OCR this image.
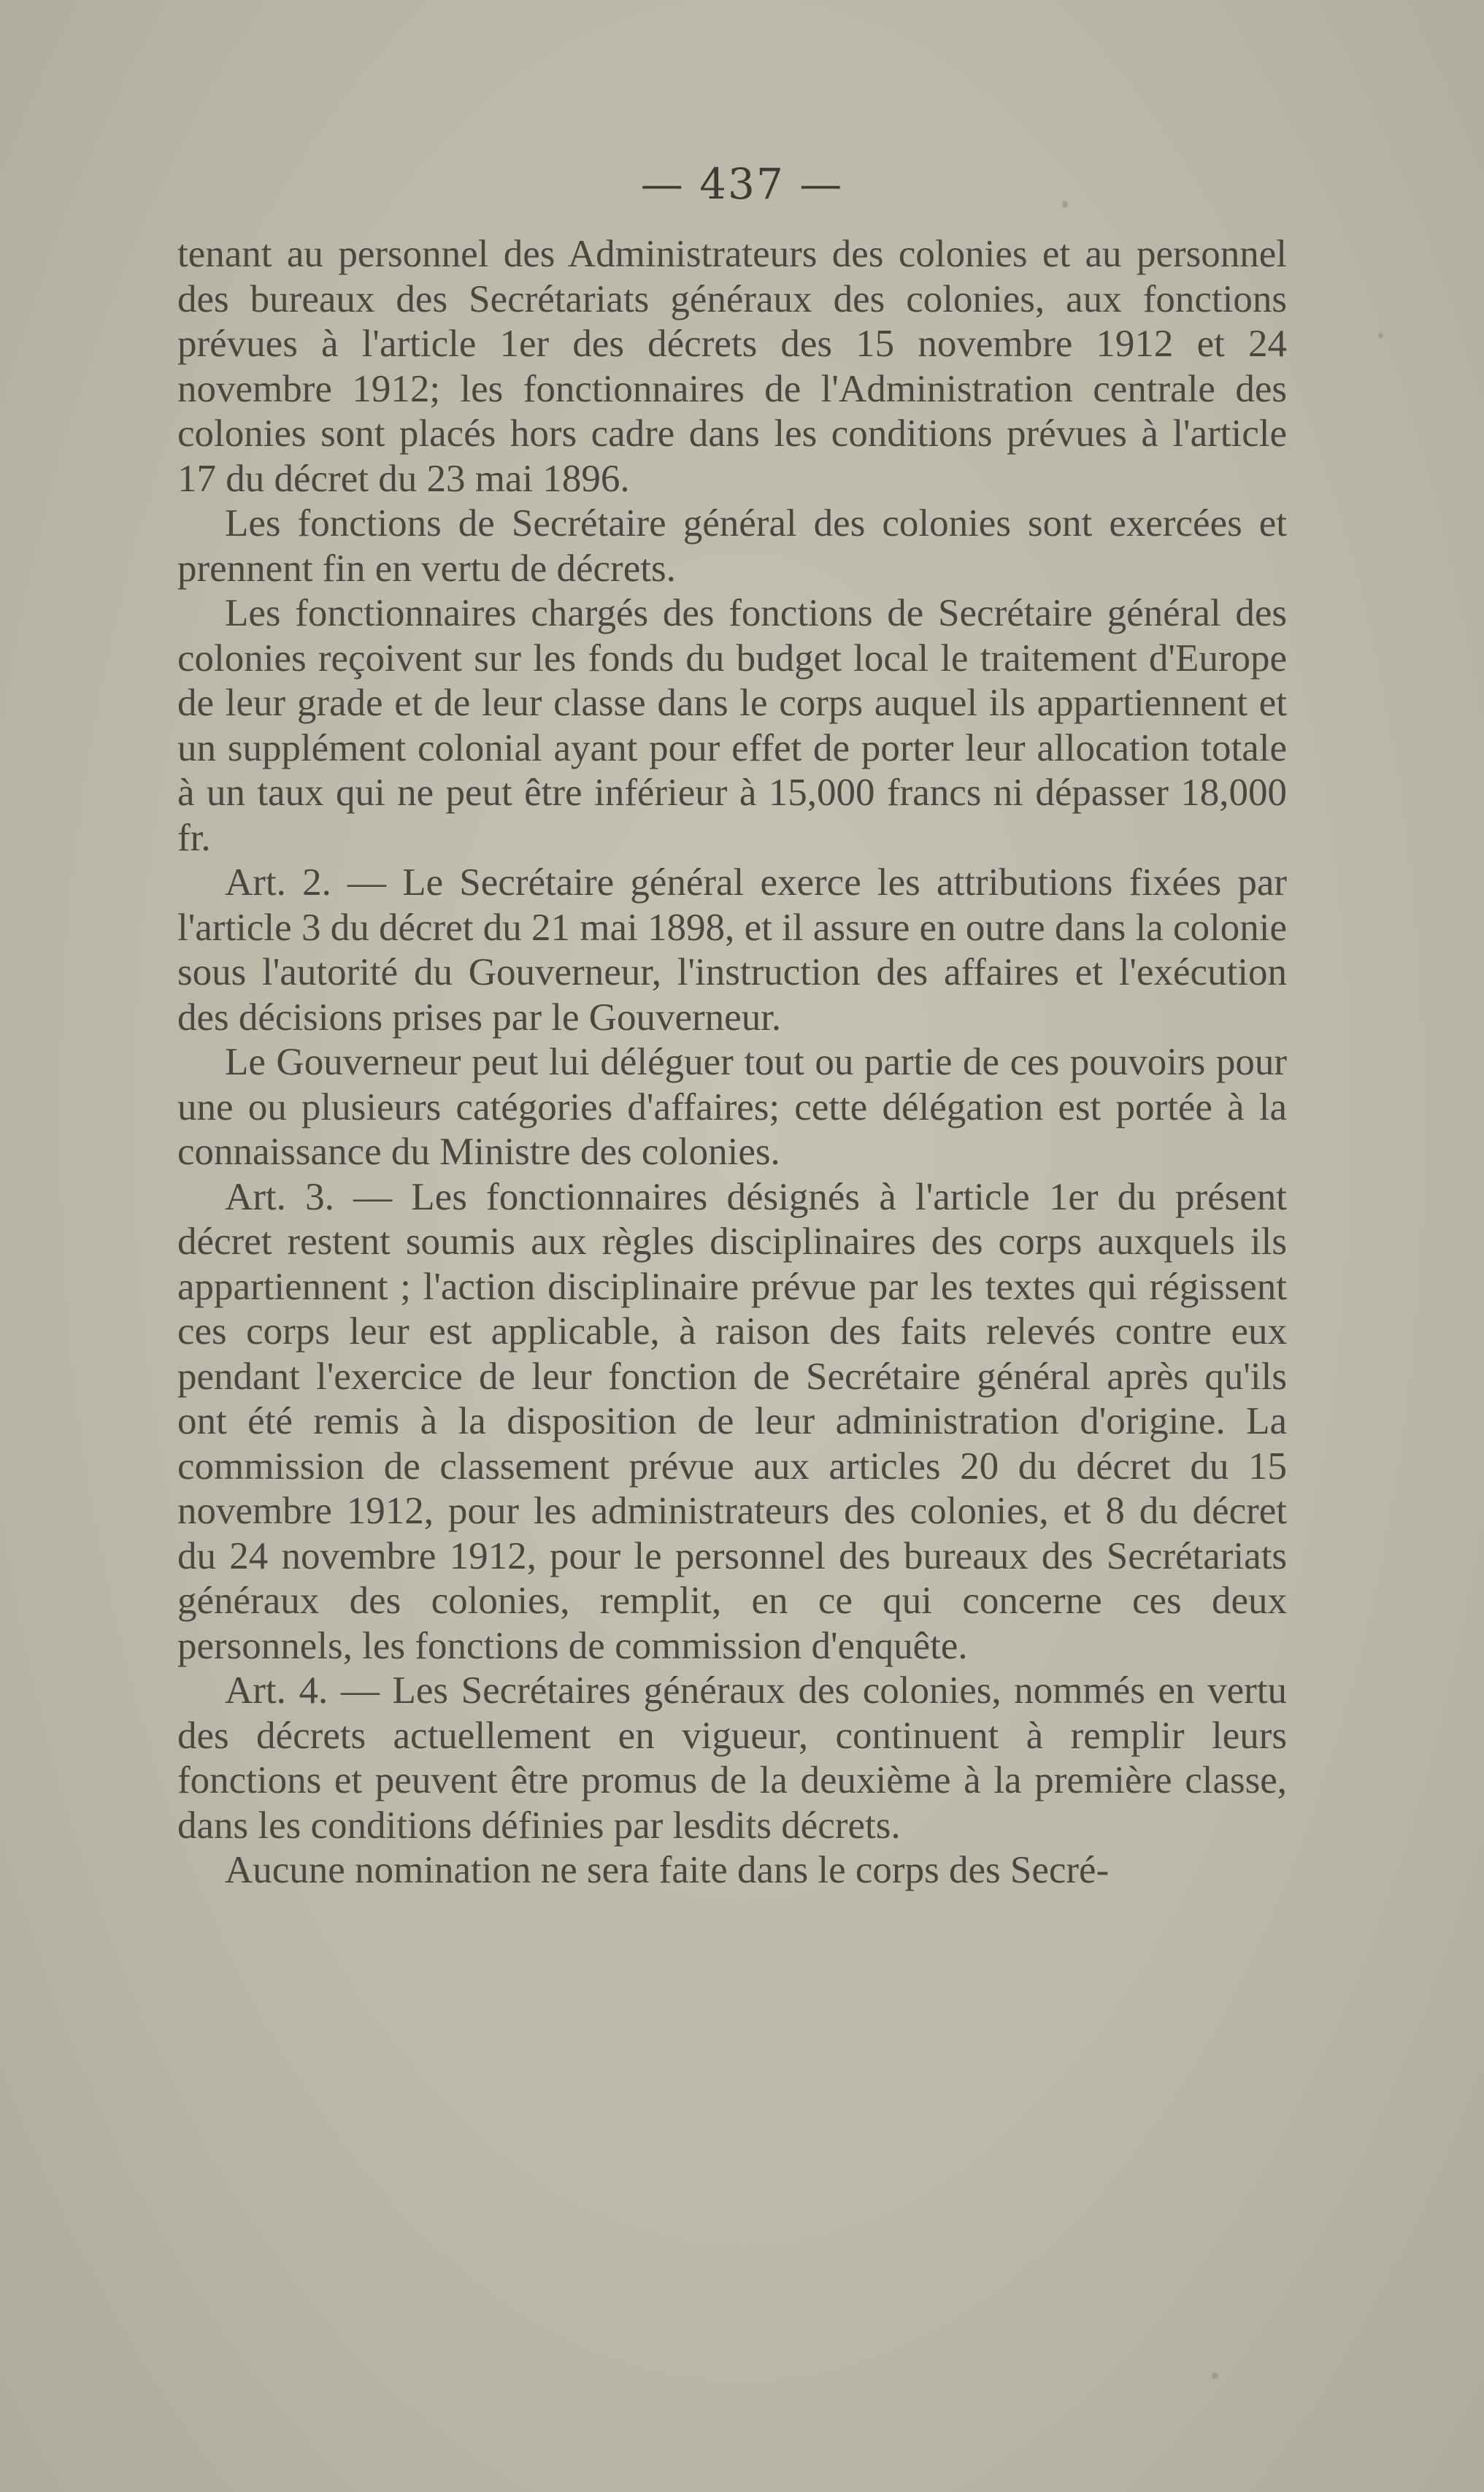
— 437 —

tenant au personnel des Administrateurs des colonies et au personnel des bureaux des Secrétariats généraux des colonies, aux fonctions prévues à l'article 1er des décrets des 15 novembre 1912 et 24 novembre 1912; les fonctionnaires de l'Administration centrale des colonies sont placés hors cadre dans les conditions prévues à l'article 17 du décret du 23 mai 1896.

Les fonctions de Secrétaire général des colonies sont exercées et prennent fin en vertu de décrets.

Les fonctionnaires chargés des fonctions de Secrétaire général des colonies reçoivent sur les fonds du budget local le traitement d'Europe de leur grade et de leur classe dans le corps auquel ils appartiennent et un supplément colonial ayant pour effet de porter leur allocation totale à un taux qui ne peut être inférieur à 15,000 francs ni dépasser 18,000 fr.

Art. 2. — Le Secrétaire général exerce les attributions fixées par l'article 3 du décret du 21 mai 1898, et il assure en outre dans la colonie sous l'autorité du Gouverneur, l'instruction des affaires et l'exécution des décisions prises par le Gouverneur.

Le Gouverneur peut lui déléguer tout ou partie de ces pouvoirs pour une ou plusieurs catégories d'affaires; cette délégation est portée à la connaissance du Ministre des colonies.

Art. 3. — Les fonctionnaires désignés à l'article 1er du présent décret restent soumis aux règles disciplinaires des corps auxquels ils appartiennent ; l'action disciplinaire prévue par les textes qui régissent ces corps leur est applicable, à raison des faits relevés contre eux pendant l'exercice de leur fonction de Secrétaire général après qu'ils ont été remis à la disposition de leur administration d'origine. La commission de classement prévue aux articles 20 du décret du 15 novembre 1912, pour les administrateurs des colonies, et 8 du décret du 24 novembre 1912, pour le personnel des bureaux des Secrétariats généraux des colonies, remplit, en ce qui concerne ces deux personnels, les fonctions de commission d'enquête.

Art. 4. — Les Secrétaires généraux des colonies, nommés en vertu des décrets actuellement en vigueur, continuent à remplir leurs fonctions et peuvent être promus de la deuxième à la première classe, dans les conditions définies par lesdits décrets.

Aucune nomination ne sera faite dans le corps des Secré-
